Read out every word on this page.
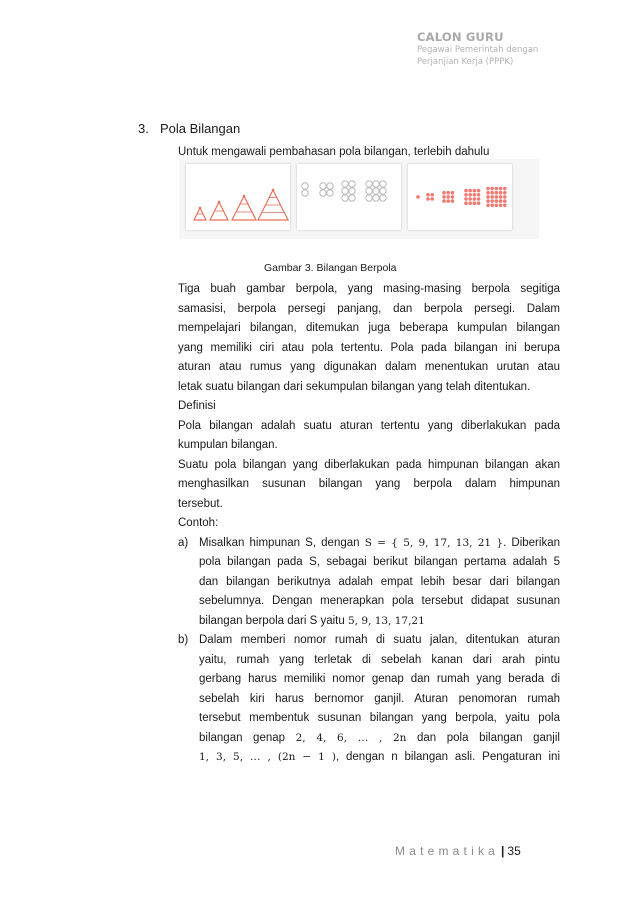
CALON GURU
Pegawai Pemerintah dengan
Perjanjian Kerja (PPPK)
3. Pola Bilangan
Untuk mengawali pembahasan pola bilangan, terlebih dahulu
Gambar 3. Bilangan Berpola
Tiga buah gambar berpola, yang masing-masing berpola segitiga
samasisi, berpola persegi panjang, dan berpola persegi. Dalam
mempelajari bilangan, ditemukan juga beberapa kumpulan bilangan
yang memiliki ciri atau pola tertentu. Pola pada bilangan ini berupa
aturan atau rumus yang digunakan dalam menentukan urutan atau
letak suatu bilangan dari sekumpulan bilangan yang telah ditentukan.
Definisi
Pola bilangan adalah suatu aturan tertentu yang diberlakukan pada
kumpulan bilangan.
Suatu pola bilangan yang diberlakukan pada himpunan bilangan akan
menghasilkan susunan bilangan yang berpola dalam himpunan
tersebut.
Contoh:
a) Misalkan himpunan S, dengan S = { 5, 9, 17, 13, 21 }. Diberikan
pola bilangan pada S, sebagai berikut bilangan pertama adalah 5
dan bilangan berikutnya adalah empat lebih besar dari bilangan
sebelumnya. Dengan menerapkan pola tersebut didapat susunan
bilangan berpola dari S yaitu 5, 9, 13, 17,21
b) Dalam memberi nomor rumah di suatu jalan, ditentukan aturan
yaitu, rumah yang terletak di sebelah kanan dari arah pintu
gerbang harus memiliki nomor genap dan rumah yang berada di
sebelah kiri harus bernomor ganjil. Aturan penomoran rumah
tersebut membentuk susunan bilangan yang berpola, yaitu pola
bilangan genap 2, 4, 6, … , 2n dan pola bilangan ganjil
1, 3, 5, … , (2n − 1 ), dengan n bilangan asli. Pengaturan ini
Matematika | 35
